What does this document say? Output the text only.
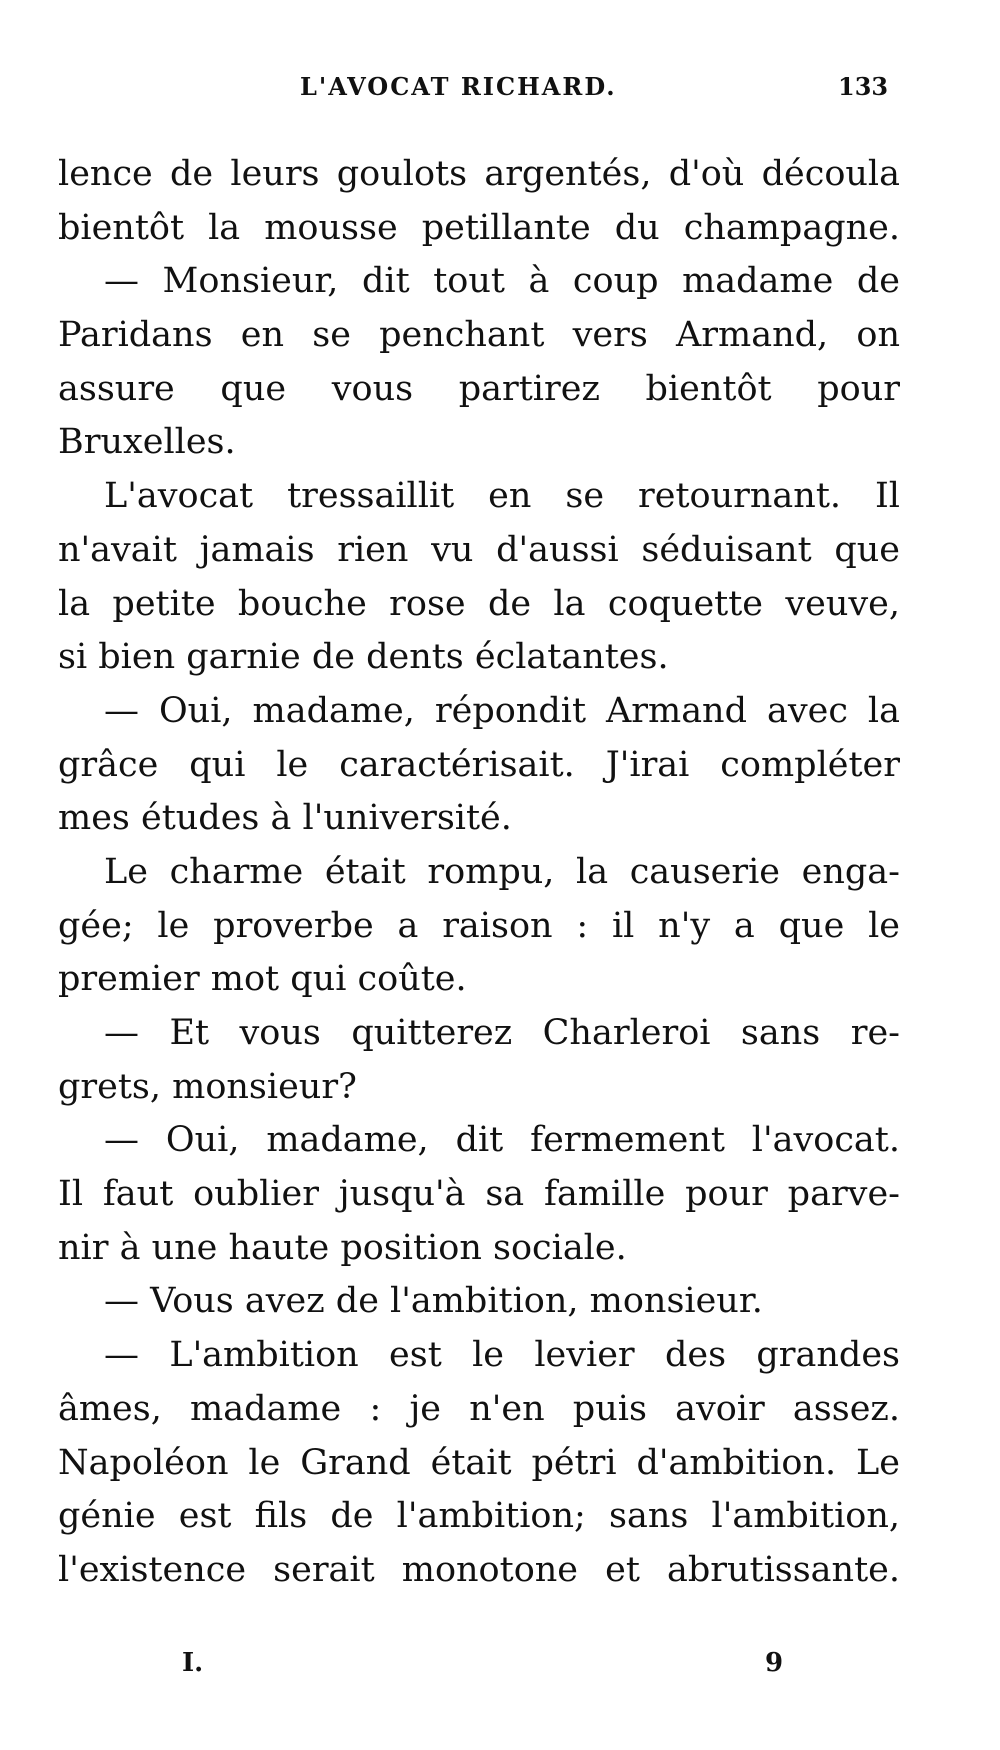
L'AVOCAT RICHARD.	133
lence de leurs goulots argentés, d'où découla
bientôt la mousse petillante du champagne.
— Monsieur, dit tout à coup madame de
Paridans en se penchant vers Armand, on
assure que vous partirez bientôt pour
Bruxelles.
L'avocat tressaillit en se retournant. Il
n'avait jamais rien vu d'aussi séduisant que
la petite bouche rose de la coquette veuve,
si bien garnie de dents éclatantes.
— Oui, madame, répondit Armand avec la
grâce qui le caractérisait. J'irai compléter
mes études à l'université.
Le charme était rompu, la causerie enga-
gée; le proverbe a raison : il n'y a que le
premier mot qui coûte.
— Et vous quitterez Charleroi sans re-
grets, monsieur?
— Oui, madame, dit fermement l'avocat.
Il faut oublier jusqu'à sa famille pour parve-
nir à une haute position sociale.
— Vous avez de l'ambition, monsieur.
— L'ambition est le levier des grandes
âmes, madame : je n'en puis avoir assez.
Napoléon le Grand était pétri d'ambition. Le
génie est fils de l'ambition; sans l'ambition,
l'existence serait monotone et abrutissante.
I.	9
